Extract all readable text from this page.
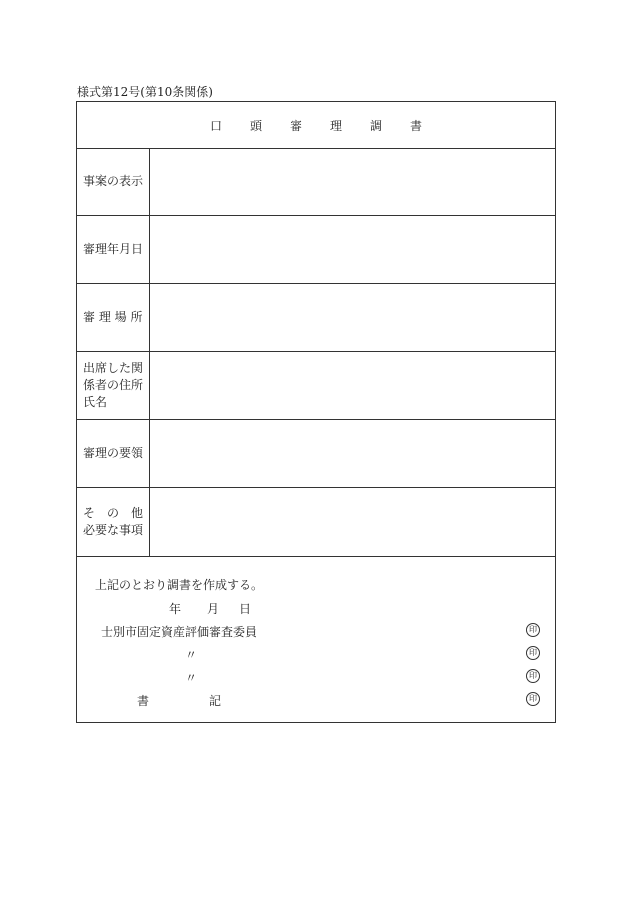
様式第12号(第10条関係)
口 頭 審 理 調 書
事案の表示
審理年月日
審 理 場 所
出席した関
係者の住所
氏名
審理の要領
そ　の　他
必要な事項
上記のとおり調書を作成する。
年 月 日
士別市固定資産評価審査委員	印
〃	印
〃	印
書	記	印
